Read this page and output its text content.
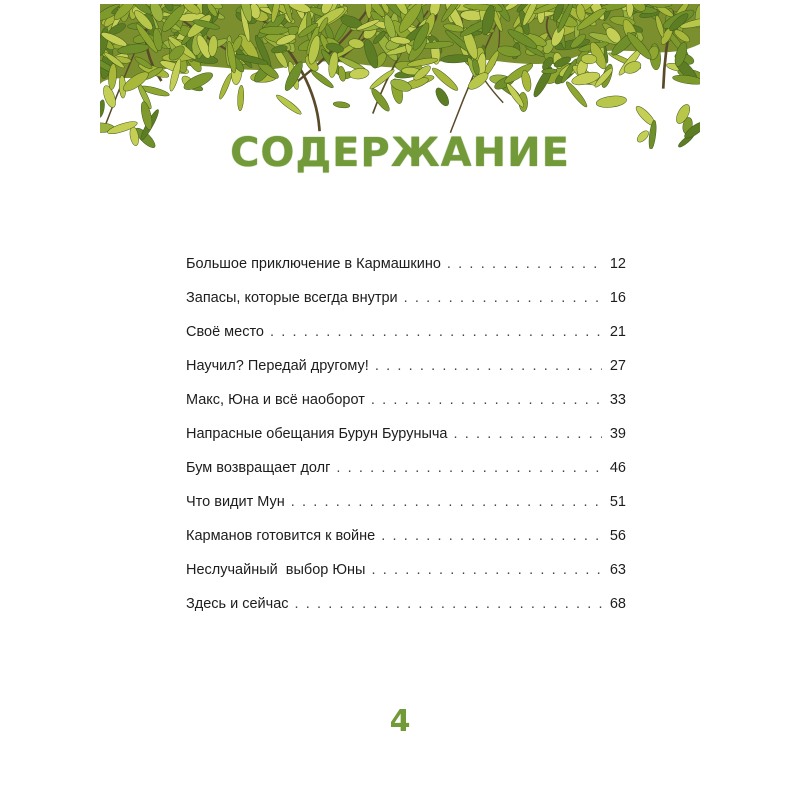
СОДЕРЖАНИЕ
Большое приключение в Кармашкино . . .	12
Запасы, которые всегда внутри . . .	16
Своё место . . .	21
Научил? Передай другому! . . .	27
Макс, Юна и всё наоборот . . .	33
Напрасные обещания Бурун Буруныча . . .	39
Бум возвращает долг . . .	46
Что видит Мун . . .	51
Карманов готовится к войне . . .	56
Неслучайный  выбор Юны . . .	63
Здесь и сейчас . . .	68
4
